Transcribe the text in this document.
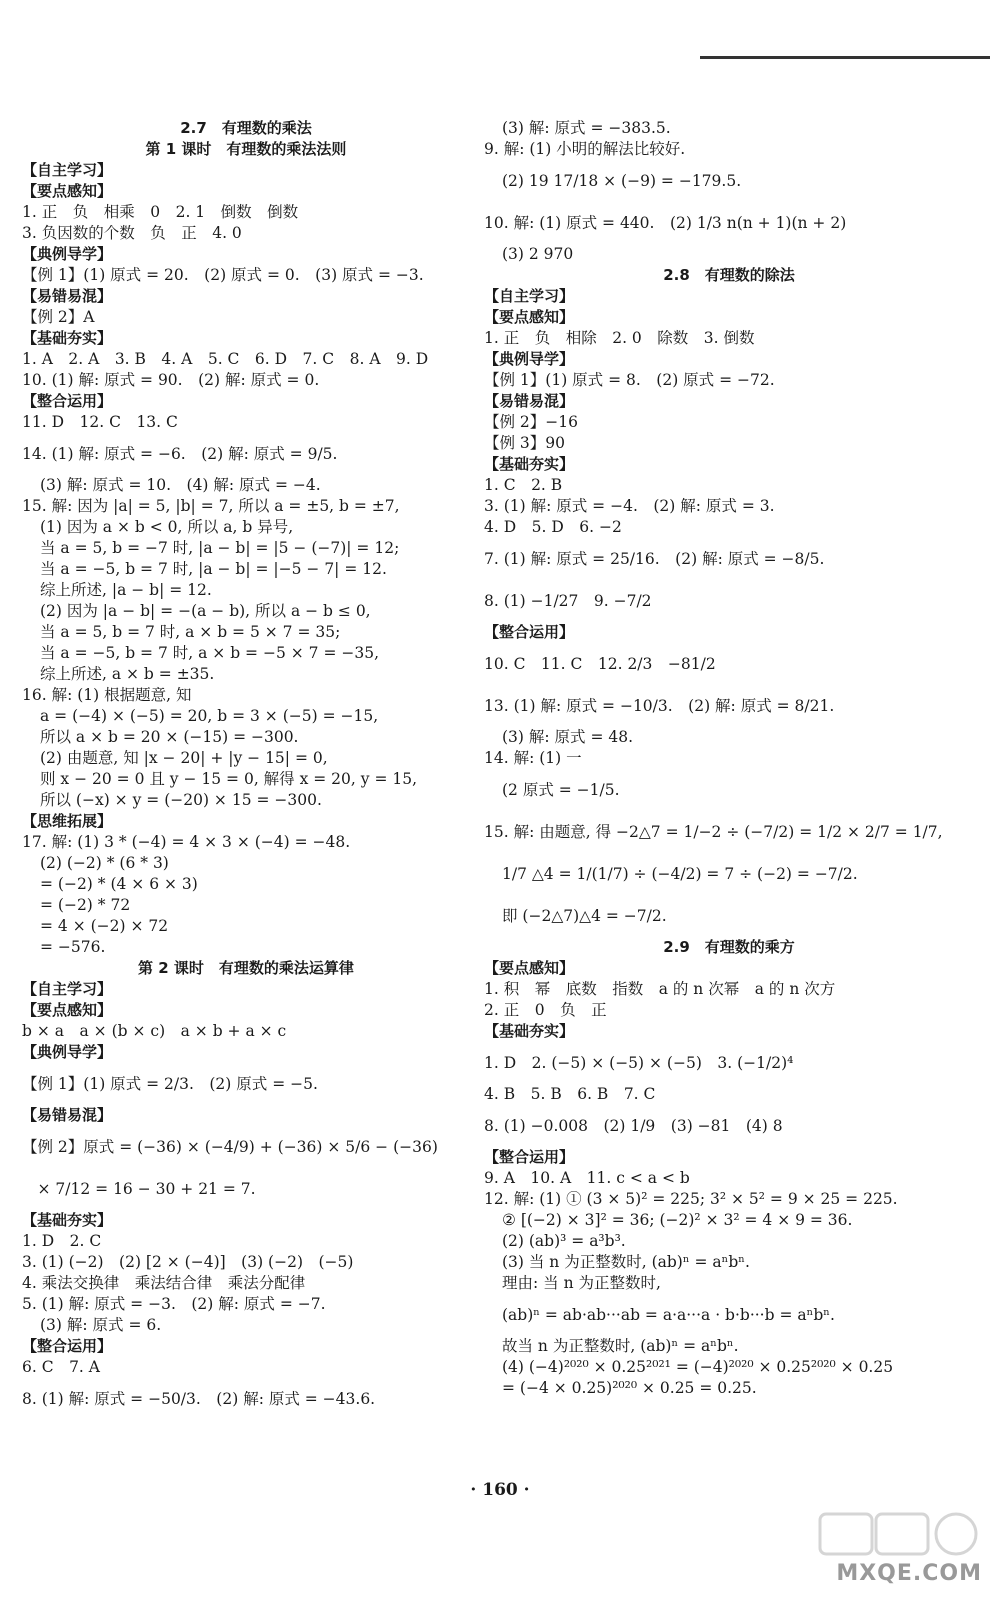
2.7　有理数的乘法
第 1 课时　有理数的乘法法则
【自主学习】
【要点感知】
1. 正　负　相乘　0　2. 1　倒数　倒数
3. 负因数的个数　负　正　4. 0
【典例导学】
【例 1】(1) 原式 = 20.　(2) 原式 = 0.　(3) 原式 = −3.
【易错易混】
【例 2】A
【基础夯实】
1. A　2. A　3. B　4. A　5. C　6. D　7. C　8. A　9. D
10. (1) 解: 原式 = 90.　(2) 解: 原式 = 0.
【整合运用】
11. D　12. C　13. C
14. (1) 解: 原式 = −6.　(2) 解: 原式 = 9/5.
(3) 解: 原式 = 10.　(4) 解: 原式 = −4.
15. 解: 因为 |a| = 5, |b| = 7, 所以 a = ±5, b = ±7,
(1) 因为 a × b < 0, 所以 a, b 异号,
当 a = 5, b = −7 时, |a − b| = |5 − (−7)| = 12;
当 a = −5, b = 7 时, |a − b| = |−5 − 7| = 12.
综上所述, |a − b| = 12.
(2) 因为 |a − b| = −(a − b), 所以 a − b ≤ 0,
当 a = 5, b = 7 时, a × b = 5 × 7 = 35;
当 a = −5, b = 7 时, a × b = −5 × 7 = −35,
综上所述, a × b = ±35.
16. 解: (1) 根据题意, 知
a = (−4) × (−5) = 20, b = 3 × (−5) = −15,
所以 a × b = 20 × (−15) = −300.
(2) 由题意, 知 |x − 20| + |y − 15| = 0,
则 x − 20 = 0 且 y − 15 = 0, 解得 x = 20, y = 15,
所以 (−x) × y = (−20) × 15 = −300.
【思维拓展】
17. 解: (1) 3 * (−4) = 4 × 3 × (−4) = −48.
(2) (−2) * (6 * 3)
= (−2) * (4 × 6 × 3)
= (−2) * 72
= 4 × (−2) × 72
= −576.
第 2 课时　有理数的乘法运算律
【自主学习】
【要点感知】
b × a　a × (b × c)　a × b + a × c
【典例导学】
【例 1】(1) 原式 = 2/3.　(2) 原式 = −5.
【易错易混】
【例 2】原式 = (−36) × (−4/9) + (−36) × 5/6 − (−36)
　× 7/12 = 16 − 30 + 21 = 7.
【基础夯实】
1. D　2. C
3. (1) (−2)　(2) [2 × (−4)]　(3) (−2)　(−5)
4. 乘法交换律　乘法结合律　乘法分配律
5. (1) 解: 原式 = −3.　(2) 解: 原式 = −7.
(3) 解: 原式 = 6.
【整合运用】
6. C　7. A
8. (1) 解: 原式 = −50/3.　(2) 解: 原式 = −43.6.
(3) 解: 原式 = −383.5.
9. 解: (1) 小明的解法比较好.
(2) 19 17/18 × (−9) = −179.5.
10. 解: (1) 原式 = 440.　(2) 1/3 n(n + 1)(n + 2)
(3) 2 970
2.8　有理数的除法
【自主学习】
【要点感知】
1. 正　负　相除　2. 0　除数　3. 倒数
【典例导学】
【例 1】(1) 原式 = 8.　(2) 原式 = −72.
【易错易混】
【例 2】−16
【例 3】90
【基础夯实】
1. C　2. B
3. (1) 解: 原式 = −4.　(2) 解: 原式 = 3.
4. D　5. D　6. −2
7. (1) 解: 原式 = 25/16.　(2) 解: 原式 = −8/5.
8. (1) −1/27　9. −7/2
【整合运用】
10. C　11. C　12. 2/3　−81/2
13. (1) 解: 原式 = −10/3.　(2) 解: 原式 = 8/21.
(3) 解: 原式 = 48.
14. 解: (1) 一
(2 原式 = −1/5.
15. 解: 由题意, 得 −2△7 = 1/−2 ÷ (−7/2) = 1/2 × 2/7 = 1/7,
1/7 △4 = 1/(1/7) ÷ (−4/2) = 7 ÷ (−2) = −7/2.
即 (−2△7)△4 = −7/2.
2.9　有理数的乘方
【要点感知】
1. 积　幂　底数　指数　a 的 n 次幂　a 的 n 次方
2. 正　0　负　正
【基础夯实】
1. D　2. (−5) × (−5) × (−5)　3. (−1/2)⁴
4. B　5. B　6. B　7. C
8. (1) −0.008　(2) 1/9　(3) −81　(4) 8
【整合运用】
9. A　10. A　11. c < a < b
12. 解: (1) ① (3 × 5)² = 225; 3² × 5² = 9 × 25 = 225.
② [(−2) × 3]² = 36; (−2)² × 3² = 4 × 9 = 36.
(2) (ab)³ = a³b³.
(3) 当 n 为正整数时, (ab)ⁿ = aⁿbⁿ.
理由: 当 n 为正整数时,
(ab)ⁿ = ab·ab···ab = a·a···a · b·b···b = aⁿbⁿ.
故当 n 为正整数时, (ab)ⁿ = aⁿbⁿ.
(4) (−4)²⁰²⁰ × 0.25²⁰²¹ = (−4)²⁰²⁰ × 0.25²⁰²⁰ × 0.25
= (−4 × 0.25)²⁰²⁰ × 0.25 = 0.25.
· 160 ·
MXQE.COM
